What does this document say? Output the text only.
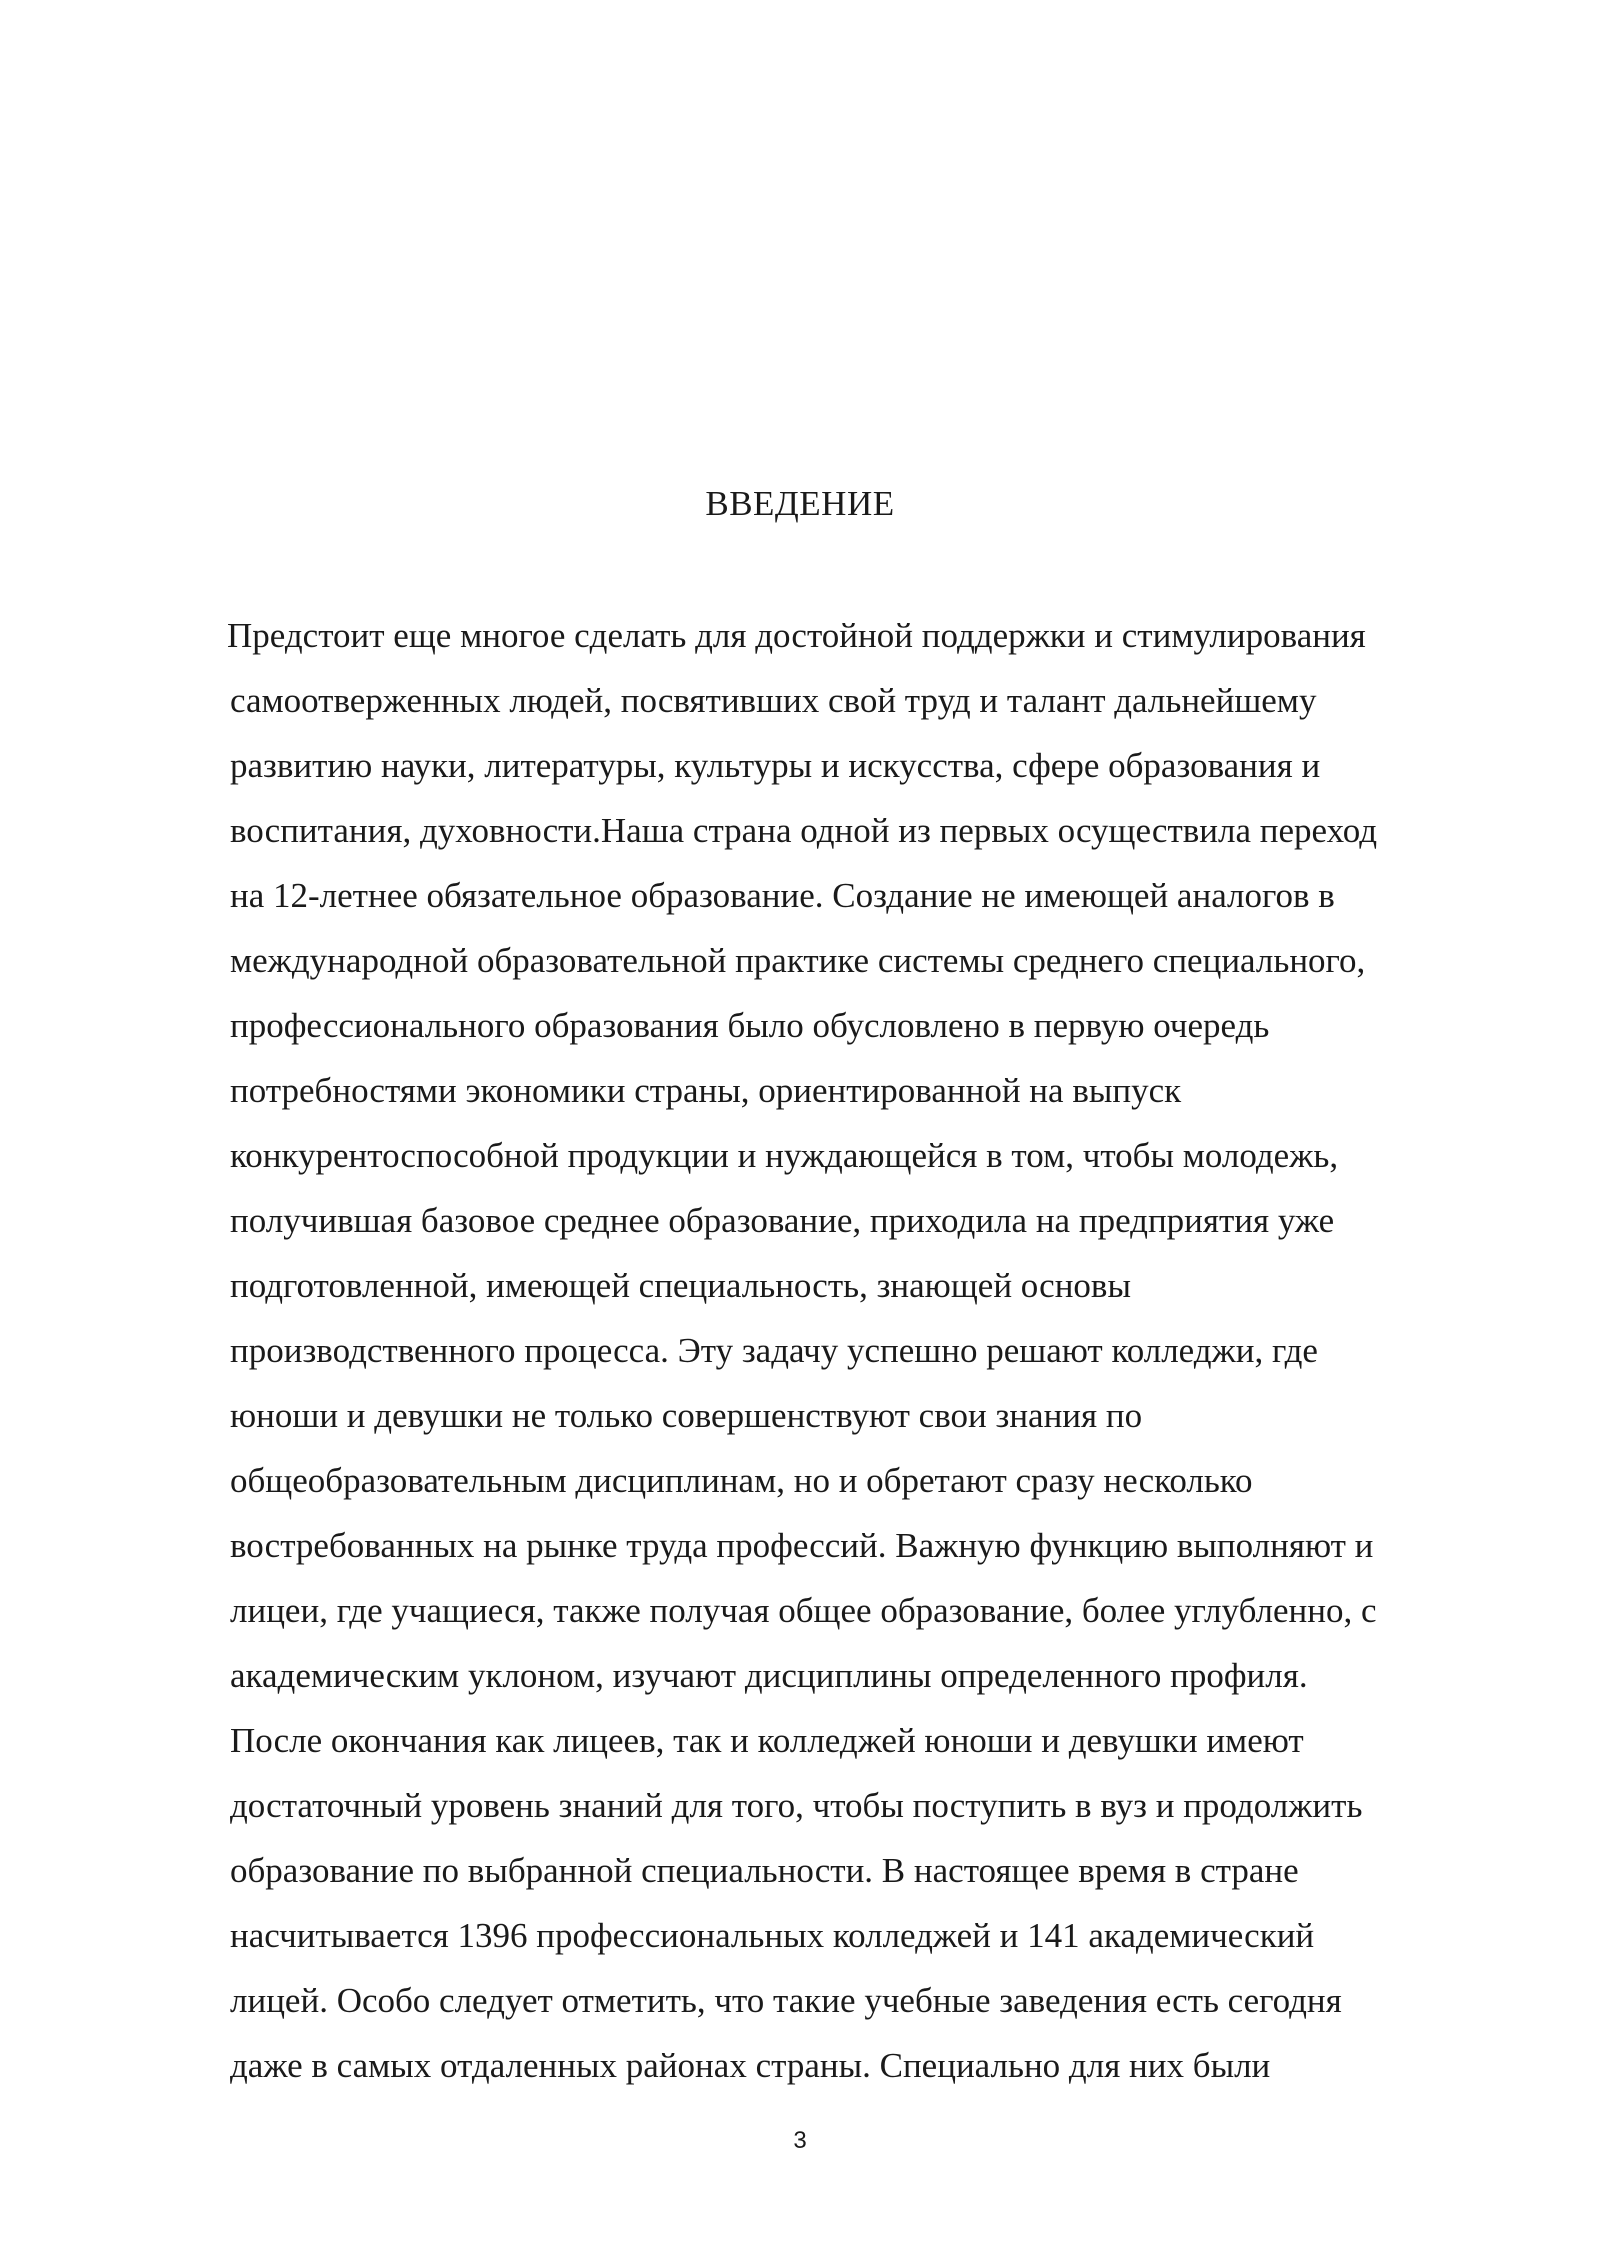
ВВЕДЕНИЕ
Предстоит еще многое сделать для достойной поддержки и стимулирования
самоотверженных людей, посвятивших свой труд и талант дальнейшему
развитию науки, литературы, культуры и искусства, сфере образования и
воспитания, духовности.Наша страна одной из первых осуществила переход
на 12-летнее обязательное образование. Создание не имеющей аналогов в
международной образовательной практике системы среднего специального,
профессионального образования было обусловлено в первую очередь
потребностями экономики страны, ориентированной на выпуск
конкурентоспособной продукции и нуждающейся в том, чтобы молодежь,
получившая базовое среднее образование, приходила на предприятия уже
подготовленной, имеющей специальность, знающей основы
производственного процесса. Эту задачу успешно решают колледжи, где
юноши и девушки не только совершенствуют свои знания по
общеобразовательным дисциплинам, но и обретают сразу несколько
востребованных на рынке труда профессий. Важную функцию выполняют и
лицеи, где учащиеся, также получая общее образование, более углубленно, с
академическим уклоном, изучают дисциплины определенного профиля.
После окончания как лицеев, так и колледжей юноши и девушки имеют
достаточный уровень знаний для того, чтобы поступить в вуз и продолжить
образование по выбранной специальности. В настоящее время в стране
насчитывается 1396 профессиональных колледжей и 141 академический
лицей. Особо следует отметить, что такие учебные заведения есть сегодня
даже в самых отдаленных районах страны. Специально для них были
3
